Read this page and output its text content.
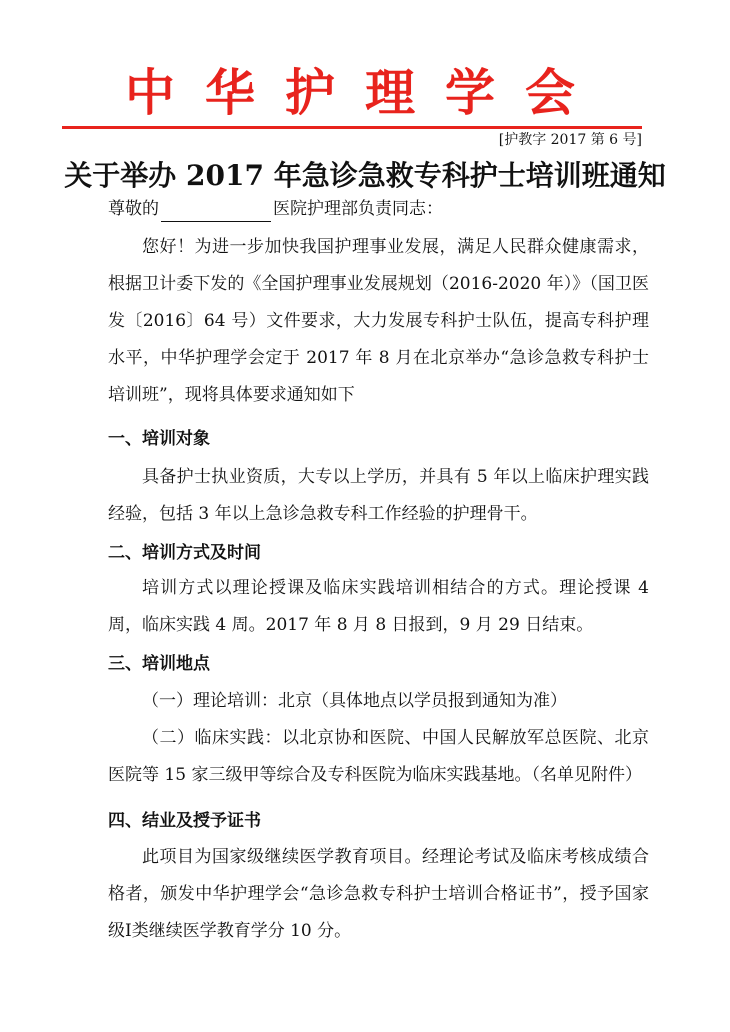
中华护理学会
[护教字 2017 第 6 号]
关于举办 2017 年急诊急救专科护士培训班通知
尊敬的	医院护理部负责同志：
您好！为进一步加快我国护理事业发展，满足人民群众健康需求，根据卫计委下发的《全国护理事业发展规划（2016-2020 年）》（国卫医发〔2016〕64 号）文件要求，大力发展专科护士队伍，提高专科护理水平，中华护理学会定于 2017 年 8 月在北京举办“急诊急救专科护士培训班”，现将具体要求通知如下
一、培训对象
具备护士执业资质，大专以上学历，并具有 5 年以上临床护理实践经验，包括 3 年以上急诊急救专科工作经验的护理骨干。
二、培训方式及时间
培训方式以理论授课及临床实践培训相结合的方式。理论授课 4 周，临床实践 4 周。2017 年 8 月 8 日报到，9 月 29 日结束。
三、培训地点
（一）理论培训：北京（具体地点以学员报到通知为准）
（二）临床实践：以北京协和医院、中国人民解放军总医院、北京医院等 15 家三级甲等综合及专科医院为临床实践基地。（名单见附件）
四、结业及授予证书
此项目为国家级继续医学教育项目。经理论考试及临床考核成绩合格者，颁发中华护理学会“急诊急救专科护士培训合格证书”，授予国家级Ⅰ类继续医学教育学分 10 分。
